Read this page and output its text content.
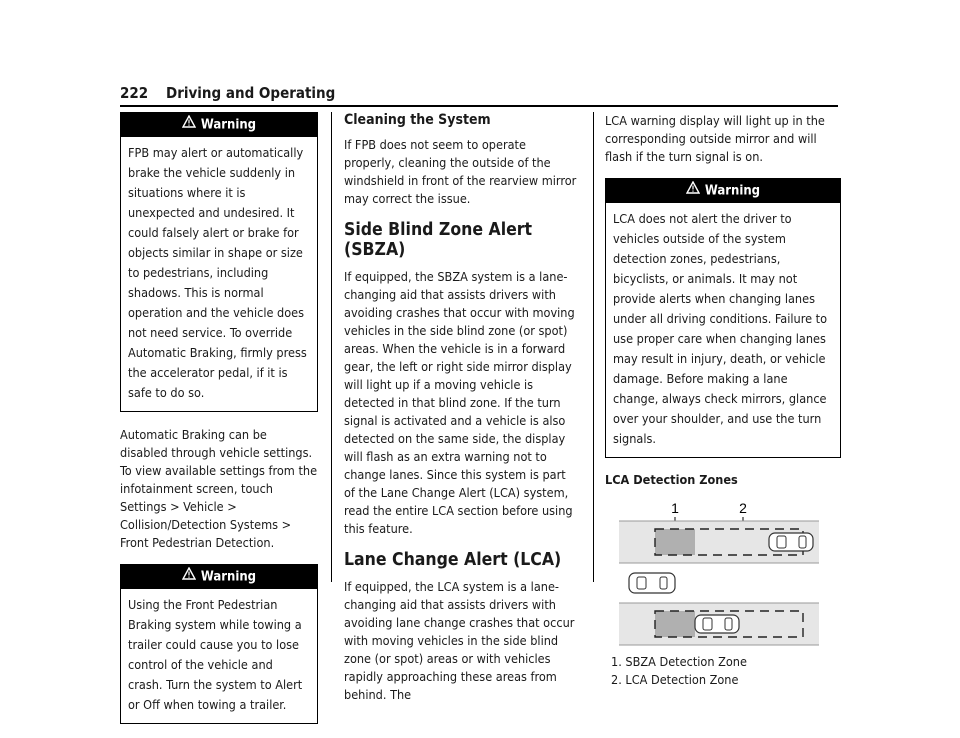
222 Driving and Operating
Warning
FPB may alert or automatically brake the vehicle suddenly in situations where it is unexpected and undesired. It could falsely alert or brake for objects similar in shape or size to pedestrians, including shadows. This is normal operation and the vehicle does not need service. To override Automatic Braking, firmly press the accelerator pedal, if it is safe to do so.

Automatic Braking can be disabled through vehicle settings. To view available settings from the infotainment screen, touch Settings > Vehicle > Collision/Detection Systems > Front Pedestrian Detection.

Warning
Using the Front Pedestrian Braking system while towing a trailer could cause you to lose control of the vehicle and crash. Turn the system to Alert or Off when towing a trailer.
Cleaning the System

If FPB does not seem to operate properly, cleaning the outside of the windshield in front of the rearview mirror may correct the issue.

Side Blind Zone Alert (SBZA)

If equipped, the SBZA system is a lane-changing aid that assists drivers with avoiding crashes that occur with moving vehicles in the side blind zone (or spot) areas. When the vehicle is in a forward gear, the left or right side mirror display will light up if a moving vehicle is detected in that blind zone. If the turn signal is activated and a vehicle is also detected on the same side, the display will flash as an extra warning not to change lanes. Since this system is part of the Lane Change Alert (LCA) system, read the entire LCA section before using this feature.

Lane Change Alert (LCA)

If equipped, the LCA system is a lane-changing aid that assists drivers with avoiding lane change crashes that occur with moving vehicles in the side blind zone (or spot) areas or with vehicles rapidly approaching these areas from behind. The

LCA warning display will light up in the corresponding outside mirror and will flash if the turn signal is on.

Warning
LCA does not alert the driver to vehicles outside of the system detection zones, pedestrians, bicyclists, or animals. It may not provide alerts when changing lanes under all driving conditions. Failure to use proper care when changing lanes may result in injury, death, or vehicle damage. Before making a lane change, always check mirrors, glance over your shoulder, and use the turn signals.
LCA Detection Zones
1	2
1. SBZA Detection Zone
2. LCA Detection Zone
